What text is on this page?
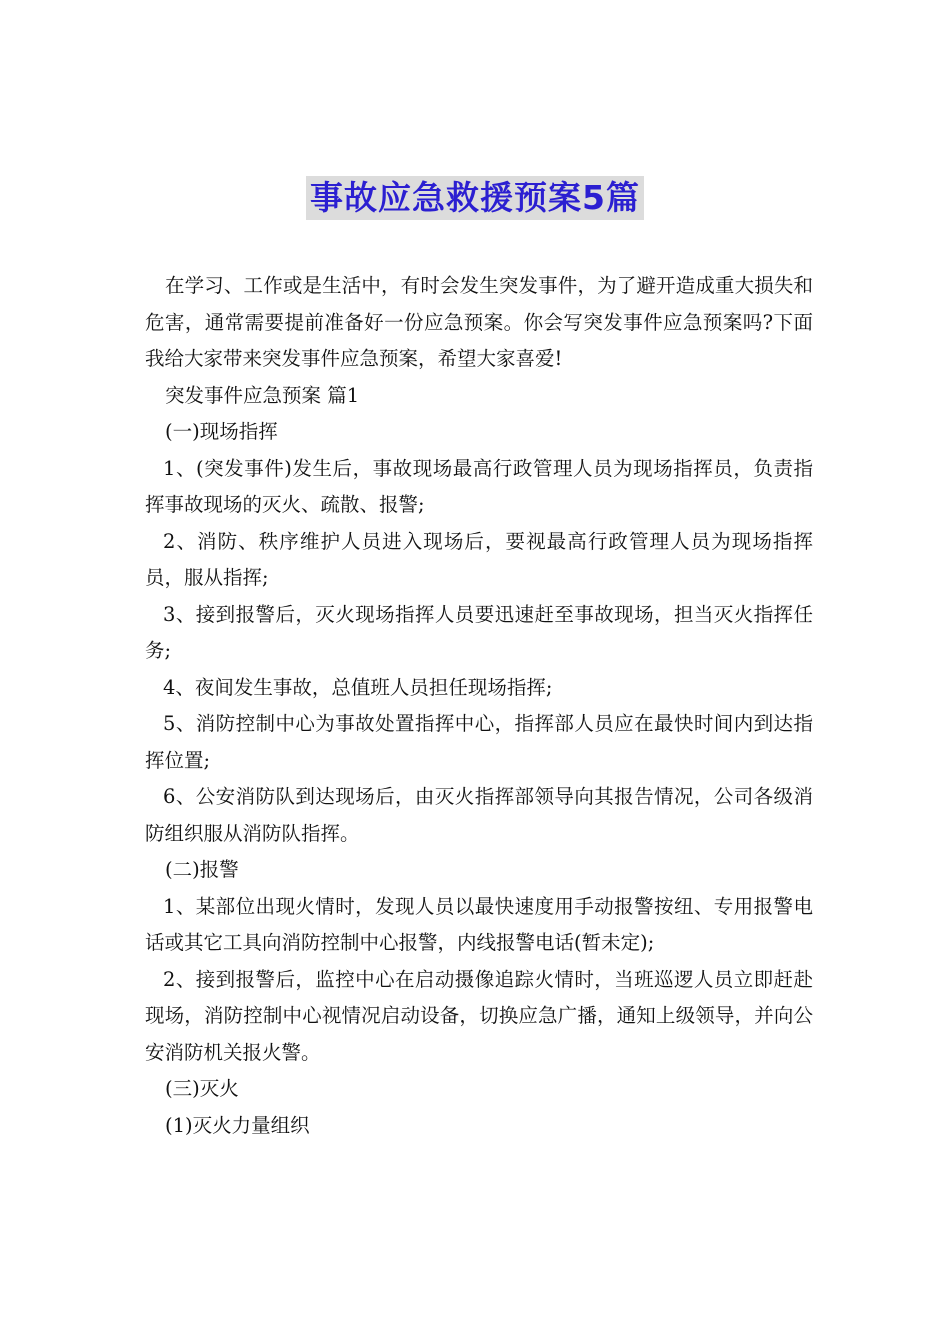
事故应急救援预案5篇

在学习、工作或是生活中，有时会发生突发事件，为了避开造成重大损失和危害，通常需要提前准备好一份应急预案。你会写突发事件应急预案吗?下面我给大家带来突发事件应急预案，希望大家喜爱!

突发事件应急预案 篇1

(一)现场指挥

1、(突发事件)发生后，事故现场最高行政管理人员为现场指挥员，负责指挥事故现场的灭火、疏散、报警;

2、消防、秩序维护人员进入现场后，要视最高行政管理人员为现场指挥员，服从指挥;

3、接到报警后，灭火现场指挥人员要迅速赶至事故现场，担当灭火指挥任务;

4、夜间发生事故，总值班人员担任现场指挥;

5、消防控制中心为事故处置指挥中心，指挥部人员应在最快时间内到达指挥位置;

6、公安消防队到达现场后，由灭火指挥部领导向其报告情况，公司各级消防组织服从消防队指挥。

(二)报警

1、某部位出现火情时，发现人员以最快速度用手动报警按纽、专用报警电话或其它工具向消防控制中心报警，内线报警电话(暂未定);

2、接到报警后，监控中心在启动摄像追踪火情时，当班巡逻人员立即赶赴现场，消防控制中心视情况启动设备，切换应急广播，通知上级领导，并向公安消防机关报火警。

(三)灭火

(1)灭火力量组织
